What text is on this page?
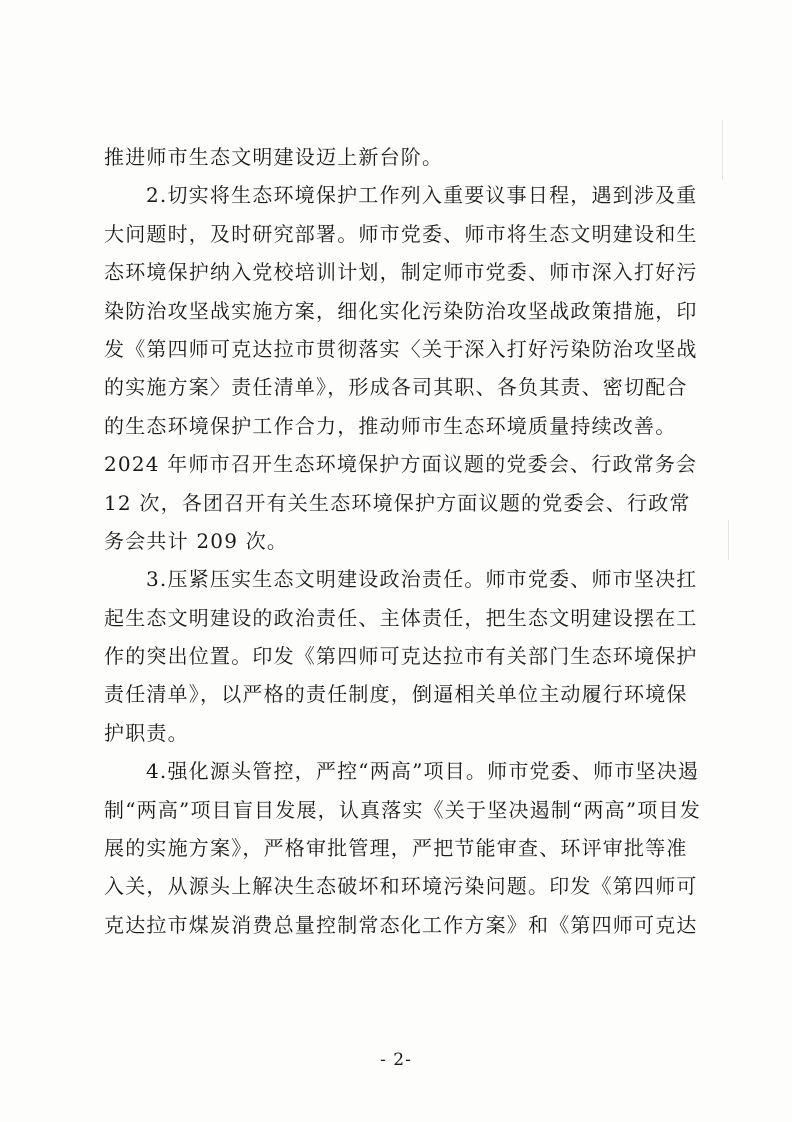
推进师市生态文明建设迈上新台阶。
2.切实将生态环境保护工作列入重要议事日程，遇到涉及重
大问题时，及时研究部署。师市党委、师市将生态文明建设和生
态环境保护纳入党校培训计划，制定师市党委、师市深入打好污
染防治攻坚战实施方案，细化实化污染防治攻坚战政策措施，印
发《第四师可克达拉市贯彻落实〈关于深入打好污染防治攻坚战
的实施方案〉责任清单》，形成各司其职、各负其责、密切配合
的生态环境保护工作合力，推动师市生态环境质量持续改善。
2024 年师市召开生态环境保护方面议题的党委会、行政常务会
12 次，各团召开有关生态环境保护方面议题的党委会、行政常
务会共计 209 次。
3.压紧压实生态文明建设政治责任。师市党委、师市坚决扛
起生态文明建设的政治责任、主体责任，把生态文明建设摆在工
作的突出位置。印发《第四师可克达拉市有关部门生态环境保护
责任清单》，以严格的责任制度，倒逼相关单位主动履行环境保
护职责。
4.强化源头管控，严控“两高”项目。师市党委、师市坚决遏
制“两高”项目盲目发展，认真落实《关于坚决遏制“两高”项目发
展的实施方案》，严格审批管理，严把节能审查、环评审批等准
入关，从源头上解决生态破坏和环境污染问题。印发《第四师可
克达拉市煤炭消费总量控制常态化工作方案》和《第四师可克达
- 2-
